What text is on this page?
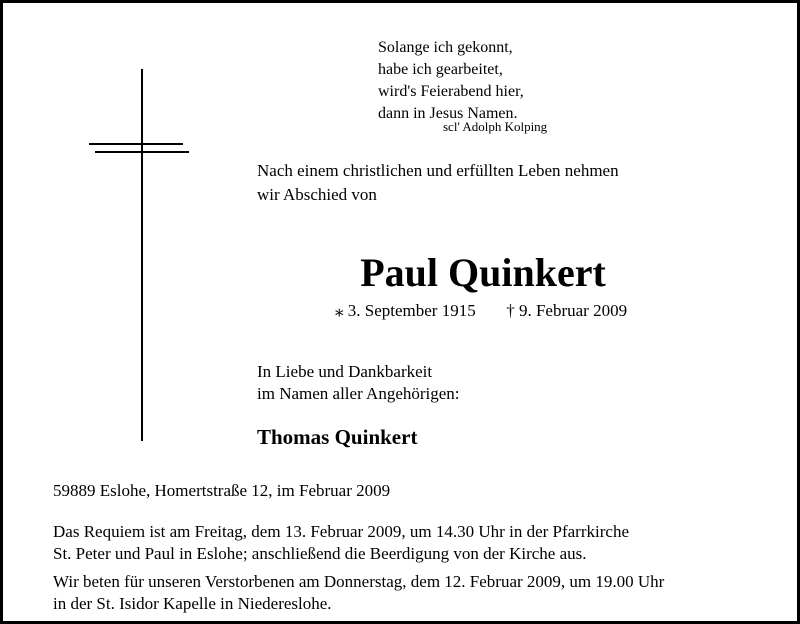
Solange ich gekonnt,
habe ich gearbeitet,
wird's Feierabend hier,
dann in Jesus Namen.
scl' Adolph Kolping
Nach einem christlichen und erfüllten Leben nehmen
wir Abschied von
Paul Quinkert
⁎ 3. September 1915 † 9. Februar 2009
In Liebe und Dankbarkeit
im Namen aller Angehörigen:
Thomas Quinkert
59889 Eslohe, Homertstraße 12, im Februar 2009
Das Requiem ist am Freitag, dem 13. Februar 2009, um 14.30 Uhr in der Pfarrkirche
St. Peter und Paul in Eslohe; anschließend die Beerdigung von der Kirche aus.
Wir beten für unseren Verstorbenen am Donnerstag, dem 12. Februar 2009, um 19.00 Uhr
in der St. Isidor Kapelle in Niedereslohe.
